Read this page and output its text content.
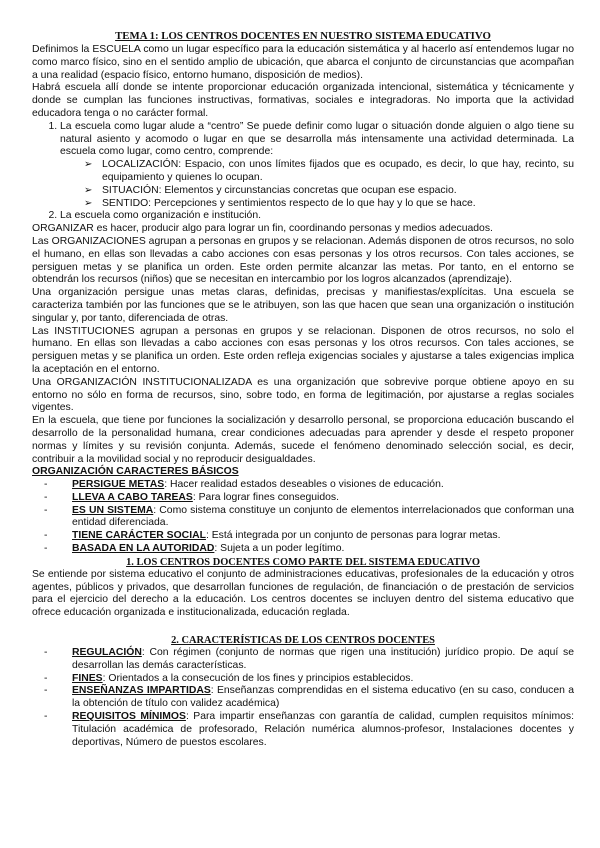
TEMA 1: LOS CENTROS DOCENTES EN NUESTRO SISTEMA EDUCATIVO

Definimos la ESCUELA como un lugar específico para la educación sistemática y al hacerlo así entendemos lugar no como marco físico, sino en el sentido amplio de ubicación, que abarca el conjunto de circunstancias que acompañan a una realidad (espacio físico, entorno humano, disposición de medios).

Habrá escuela allí donde se intente proporcionar educación organizada intencional, sistemática y técnicamente y donde se cumplan las funciones instructivas, formativas, sociales e integradoras. No importa que la actividad educadora tenga o no carácter formal.

1. La escuela como lugar alude a “centro” Se puede definir como lugar o situación donde alguien o algo tiene su natural asiento y acomodo o lugar en que se desarrolla más intensamente una actividad determinada. La escuela como lugar, como centro, comprende:
➢ LOCALIZACIÓN: Espacio, con unos límites fijados que es ocupado, es decir, lo que hay, recinto, su equipamiento y quienes lo ocupan.
➢ SITUACIÓN: Elementos y circunstancias concretas que ocupan ese espacio.
➢ SENTIDO: Percepciones y sentimientos respecto de lo que hay y lo que se hace.
2. La escuela como organización e institución.

ORGANIZAR es hacer, producir algo para lograr un fin, coordinando personas y medios adecuados.

Las ORGANIZACIONES agrupan a personas en grupos y se relacionan. Además disponen de otros recursos, no solo el humano, en ellas son llevadas a cabo acciones con esas personas y los otros recursos. Con tales acciones, se persiguen metas y se planifica un orden. Este orden permite alcanzar las metas. Por tanto, en el entorno se obtendrán los recursos (niños) que se necesitan en intercambio por los logros alcanzados (aprendizaje).

Una organización persigue unas metas claras, definidas, precisas y manifiestas/explícitas. Una escuela se caracteriza también por las funciones que se le atribuyen, son las que hacen que sean una organización o institución singular y, por tanto, diferenciada de otras.

Las INSTITUCIONES agrupan a personas en grupos y se relacionan. Disponen de otros recursos, no solo el humano. En ellas son llevadas a cabo acciones con esas personas y los otros recursos. Con tales acciones, se persiguen metas y se planifica un orden. Este orden refleja exigencias sociales y ajustarse a tales exigencias implica la aceptación en el entorno.

Una ORGANIZACIÓN INSTITUCIONALIZADA es una organización que sobrevive porque obtiene apoyo en su entorno no sólo en forma de recursos, sino, sobre todo, en forma de legitimación, por ajustarse a reglas sociales vigentes.

En la escuela, que tiene por funciones la socialización y desarrollo personal, se proporciona educación buscando el desarrollo de la personalidad humana, crear condiciones adecuadas para aprender y desde el respeto proponer normas y límites y su revisión conjunta. Además, sucede el fenómeno denominado selección social, es decir, contribuir a la movilidad social y no reproducir desigualdades.

ORGANIZACIÓN CARACTERES BÁSICOS

- PERSIGUE METAS: Hacer realidad estados deseables o visiones de educación.
- LLEVA A CABO TAREAS: Para lograr fines conseguidos.
- ES UN SISTEMA: Como sistema constituye un conjunto de elementos interrelacionados que conforman una entidad diferenciada.
- TIENE CARÁCTER SOCIAL: Está integrada por un conjunto de personas para lograr metas.
- BASADA EN LA AUTORIDAD: Sujeta a un poder legítimo.
1. LOS CENTROS DOCENTES COMO PARTE DEL SISTEMA EDUCATIVO

Se entiende por sistema educativo el conjunto de administraciones educativas, profesionales de la educación y otros agentes, públicos y privados, que desarrollan funciones de regulación, de financiación o de prestación de servicios para el ejercicio del derecho a la educación. Los centros docentes se incluyen dentro del sistema educativo que ofrece educación organizada e institucionalizada, educación reglada.

2. CARACTERÍSTICAS DE LOS CENTROS DOCENTES
- REGULACIÓN: Con régimen (conjunto de normas que rigen una institución) jurídico propio. De aquí se desarrollan las demás características.
- FINES: Orientados a la consecución de los fines y principios establecidos.
- ENSEÑANZAS IMPARTIDAS: Enseñanzas comprendidas en el sistema educativo (en su caso, conducen a la obtención de título con validez académica)
- REQUISITOS MÍNIMOS: Para impartir enseñanzas con garantía de calidad, cumplen requisitos mínimos: Titulación académica de profesorado, Relación numérica alumnos-profesor, Instalaciones docentes y deportivas, Número de puestos escolares.
